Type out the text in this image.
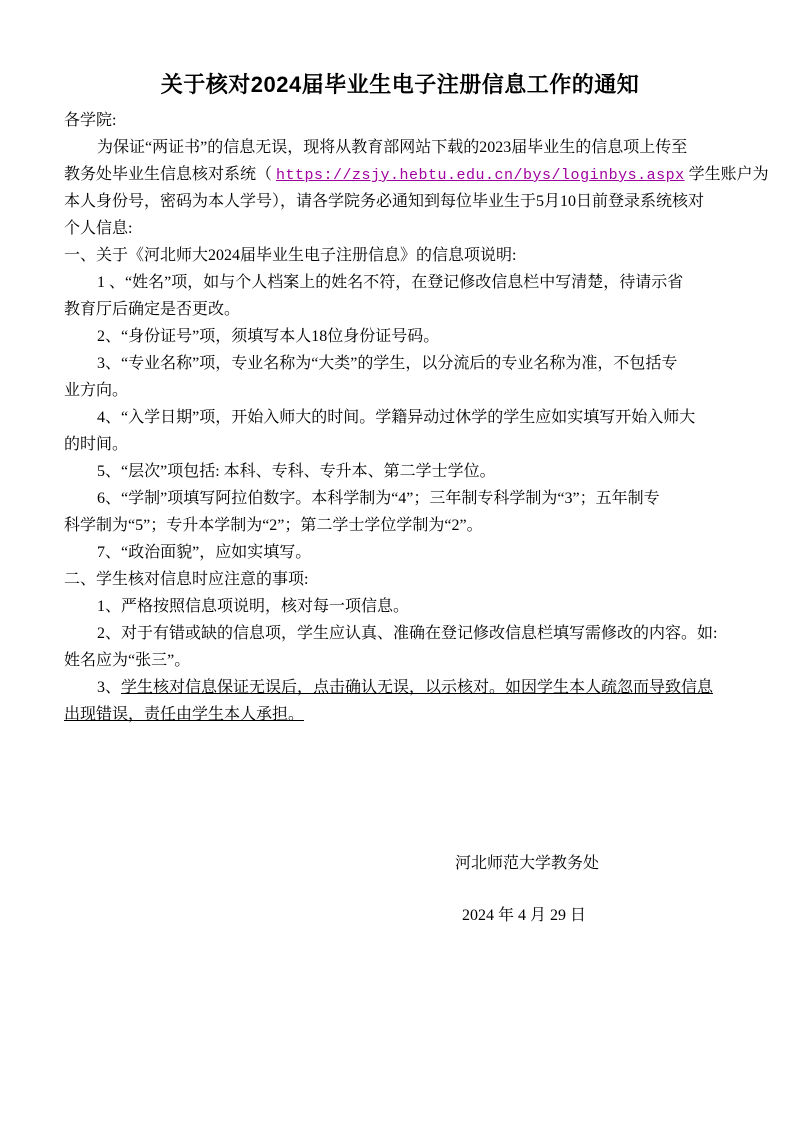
关于核对2024届毕业生电子注册信息工作的通知
各学院:
为保证“两证书”的信息无误，现将从教育部网站下载的2023届毕业生的信息项上传至
教务处毕业生信息核对系统（ https://zsjy.hebtu.edu.cn/bys/loginbys.aspx 学生账户为
本人身份号，密码为本人学号），请各学院务必通知到每位毕业生于5月10日前登录系统核对
个人信息:
一、关于《河北师大2024届毕业生电子注册信息》的信息项说明:
1 、“姓名”项，如与个人档案上的姓名不符，在登记修改信息栏中写清楚，待请示省
教育厅后确定是否更改。
2、“身份证号”项，须填写本人18位身份证号码。
3、“专业名称”项，专业名称为“大类”的学生，以分流后的专业名称为准，不包括专
业方向。
4、“入学日期”项，开始入师大的时间。学籍异动过休学的学生应如实填写开始入师大
的时间。
5、“层次”项包括: 本科、专科、专升本、第二学士学位。
6、“学制”项填写阿拉伯数字。本科学制为“4”；三年制专科学制为“3”；五年制专
科学制为“5”；专升本学制为“2”；第二学士学位学制为“2”。
7、“政治面貌”，应如实填写。
二、学生核对信息时应注意的事项:
1、严格按照信息项说明，核对每一项信息。
2、对于有错或缺的信息项，学生应认真、准确在登记修改信息栏填写需修改的内容。如:
姓名应为“张三”。
3、学生核对信息保证无误后，点击确认无误，以示核对。如因学生本人疏忽而导致信息
出现错误，责任由学生本人承担。
河北师范大学教务处
2024 年 4 月 29 日
